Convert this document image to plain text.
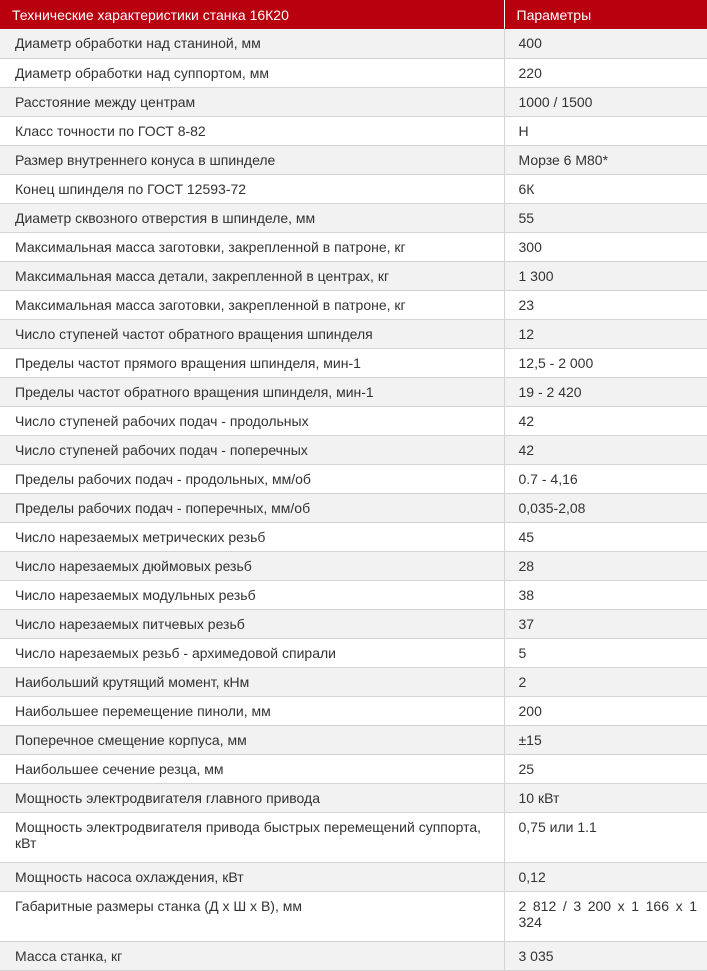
Технические характеристики станка 16К20	Параметры
Диаметр обработки над станиной, мм	400
Диаметр обработки над суппортом, мм	220
Расстояние между центрам	1000 / 1500
Класс точности по ГОСТ 8-82	Н
Размер внутреннего конуса в шпинделе	Морзе 6 М80*
Конец шпинделя по ГОСТ 12593-72	6К
Диаметр сквозного отверстия в шпинделе, мм	55
Максимальная масса заготовки, закрепленной в патроне, кг	300
Максимальная масса детали, закрепленной в центрах, кг	1 300
Максимальная масса заготовки, закрепленной в патроне, кг	23
Число ступеней частот обратного вращения шпинделя	12
Пределы частот прямого вращения шпинделя, мин-1	12,5 - 2 000
Пределы частот обратного вращения шпинделя, мин-1	19 - 2 420
Число ступеней рабочих подач - продольных	42
Число ступеней рабочих подач - поперечных	42
Пределы рабочих подач - продольных, мм/об	0.7 - 4,16
Пределы рабочих подач - поперечных, мм/об	0,035-2,08
Число нарезаемых метрических резьб	45
Число нарезаемых дюймовых резьб	28
Число нарезаемых модульных резьб	38
Число нарезаемых питчевых резьб	37
Число нарезаемых резьб - архимедовой спирали	5
Наибольший крутящий момент, кНм	2
Наибольшее перемещение пиноли, мм	200
Поперечное смещение корпуса, мм	±15
Наибольшее сечение резца, мм	25
Мощность электродвигателя главного привода	10 кВт
Мощность электродвигателя привода быстрых перемещений суппорта, кВт	0,75 или 1.1
Мощность насоса охлаждения, кВт	0,12
Габаритные размеры станка (Д х Ш х В), мм	2 812 / 3 200 х 1 166 х 1 324
Масса станка, кг	3 035
